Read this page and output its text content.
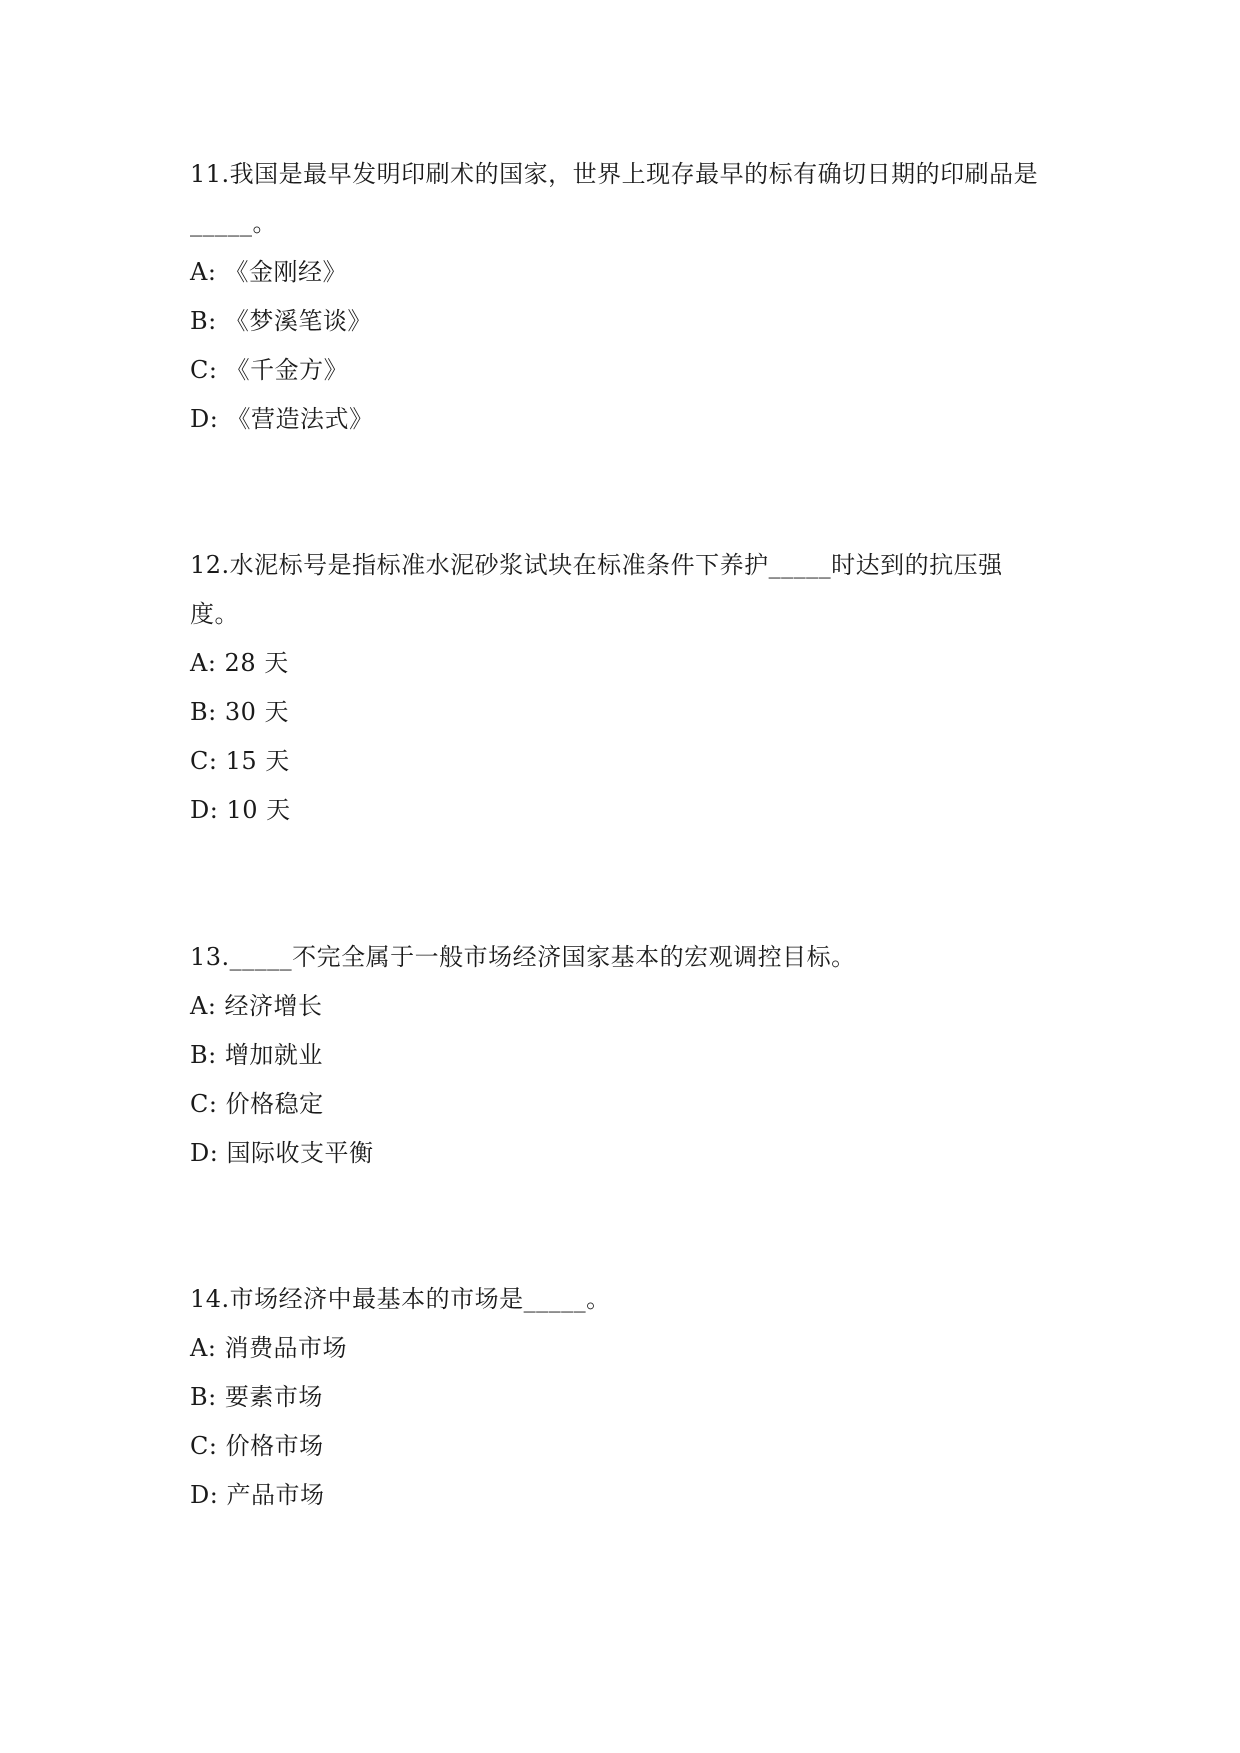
11.我国是最早发明印刷术的国家，世界上现存最早的标有确切日期的印刷品是
_____。
A: 《金刚经》
B: 《梦溪笔谈》
C: 《千金方》
D: 《营造法式》
12.水泥标号是指标准水泥砂浆试块在标准条件下养护_____时达到的抗压强
度。
A: 28 天
B: 30 天
C: 15 天
D: 10 天
13._____不完全属于一般市场经济国家基本的宏观调控目标。
A: 经济增长
B: 增加就业
C: 价格稳定
D: 国际收支平衡
14.市场经济中最基本的市场是_____。
A: 消费品市场
B: 要素市场
C: 价格市场
D: 产品市场
